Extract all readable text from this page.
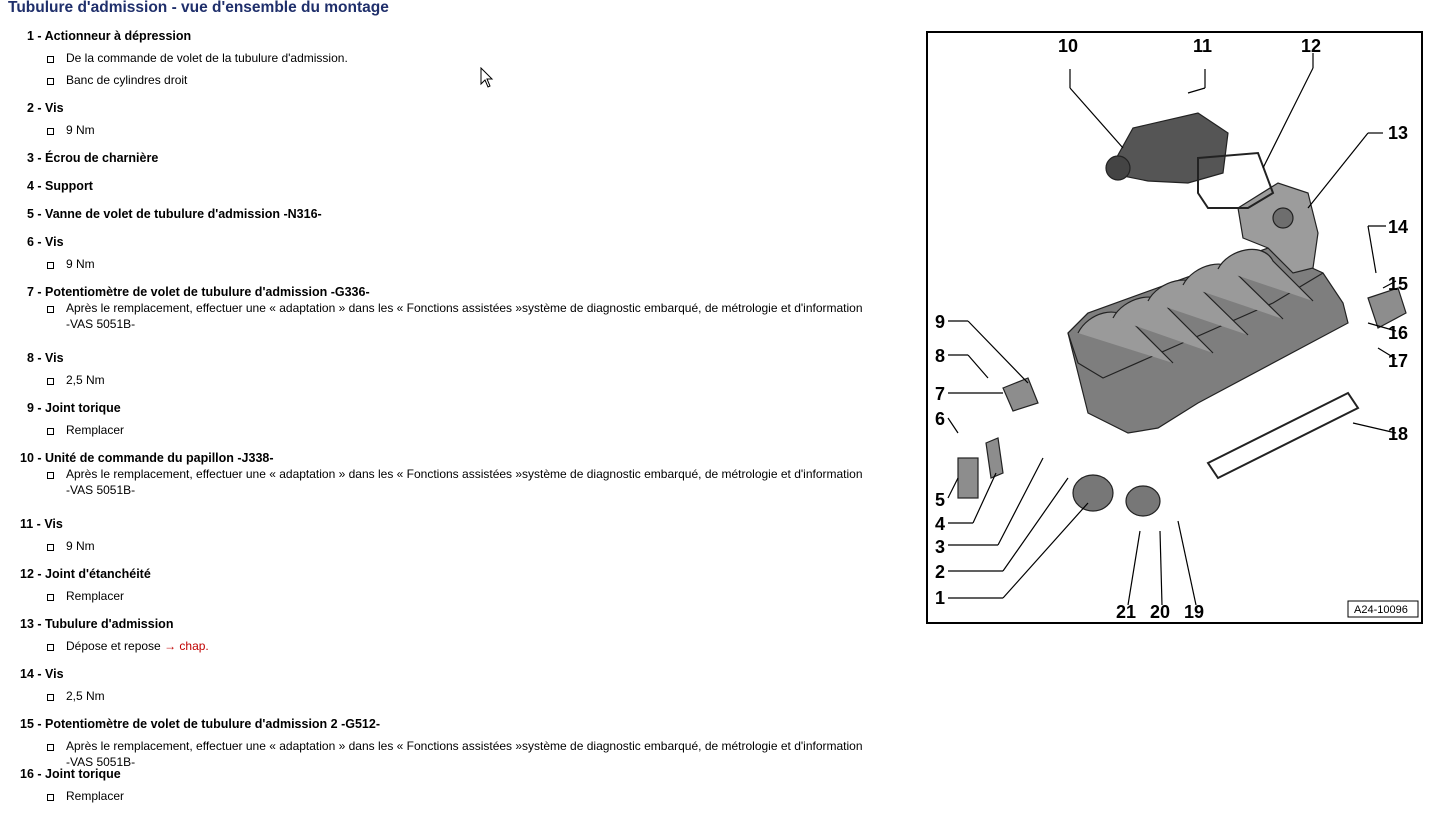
Tubulure d'admission - vue d'ensemble du montage
1 - Actionneur à dépression
De la commande de volet de la tubulure d'admission.
Banc de cylindres droit
2 - Vis
9 Nm
3 - Écrou de charnière
4 - Support
5 - Vanne de volet de tubulure d'admission -N316-
6 - Vis
9 Nm
7 - Potentiomètre de volet de tubulure d'admission -G336-
Après le remplacement, effectuer une « adaptation » dans les « Fonctions assistées »système de diagnostic embarqué, de métrologie et d'information -VAS 5051B-
8 - Vis
2,5 Nm
9 - Joint torique
Remplacer
10 - Unité de commande du papillon -J338-
Après le remplacement, effectuer une « adaptation » dans les « Fonctions assistées »système de diagnostic embarqué, de métrologie et d'information -VAS 5051B-
11 - Vis
9 Nm
12 - Joint d'étanchéité
Remplacer
13 - Tubulure d'admission
Dépose et repose → chap.
14 - Vis
2,5 Nm
15 - Potentiomètre de volet de tubulure d'admission 2 -G512-
Après le remplacement, effectuer une « adaptation » dans les « Fonctions assistées »système de diagnostic embarqué, de métrologie et d'information -VAS 5051B-
16 - Joint torique
Remplacer
10	11	12
13
14
15
16
17
18
9
8
7
6
5
4
3
2
1
21 20 19	A24-10096
